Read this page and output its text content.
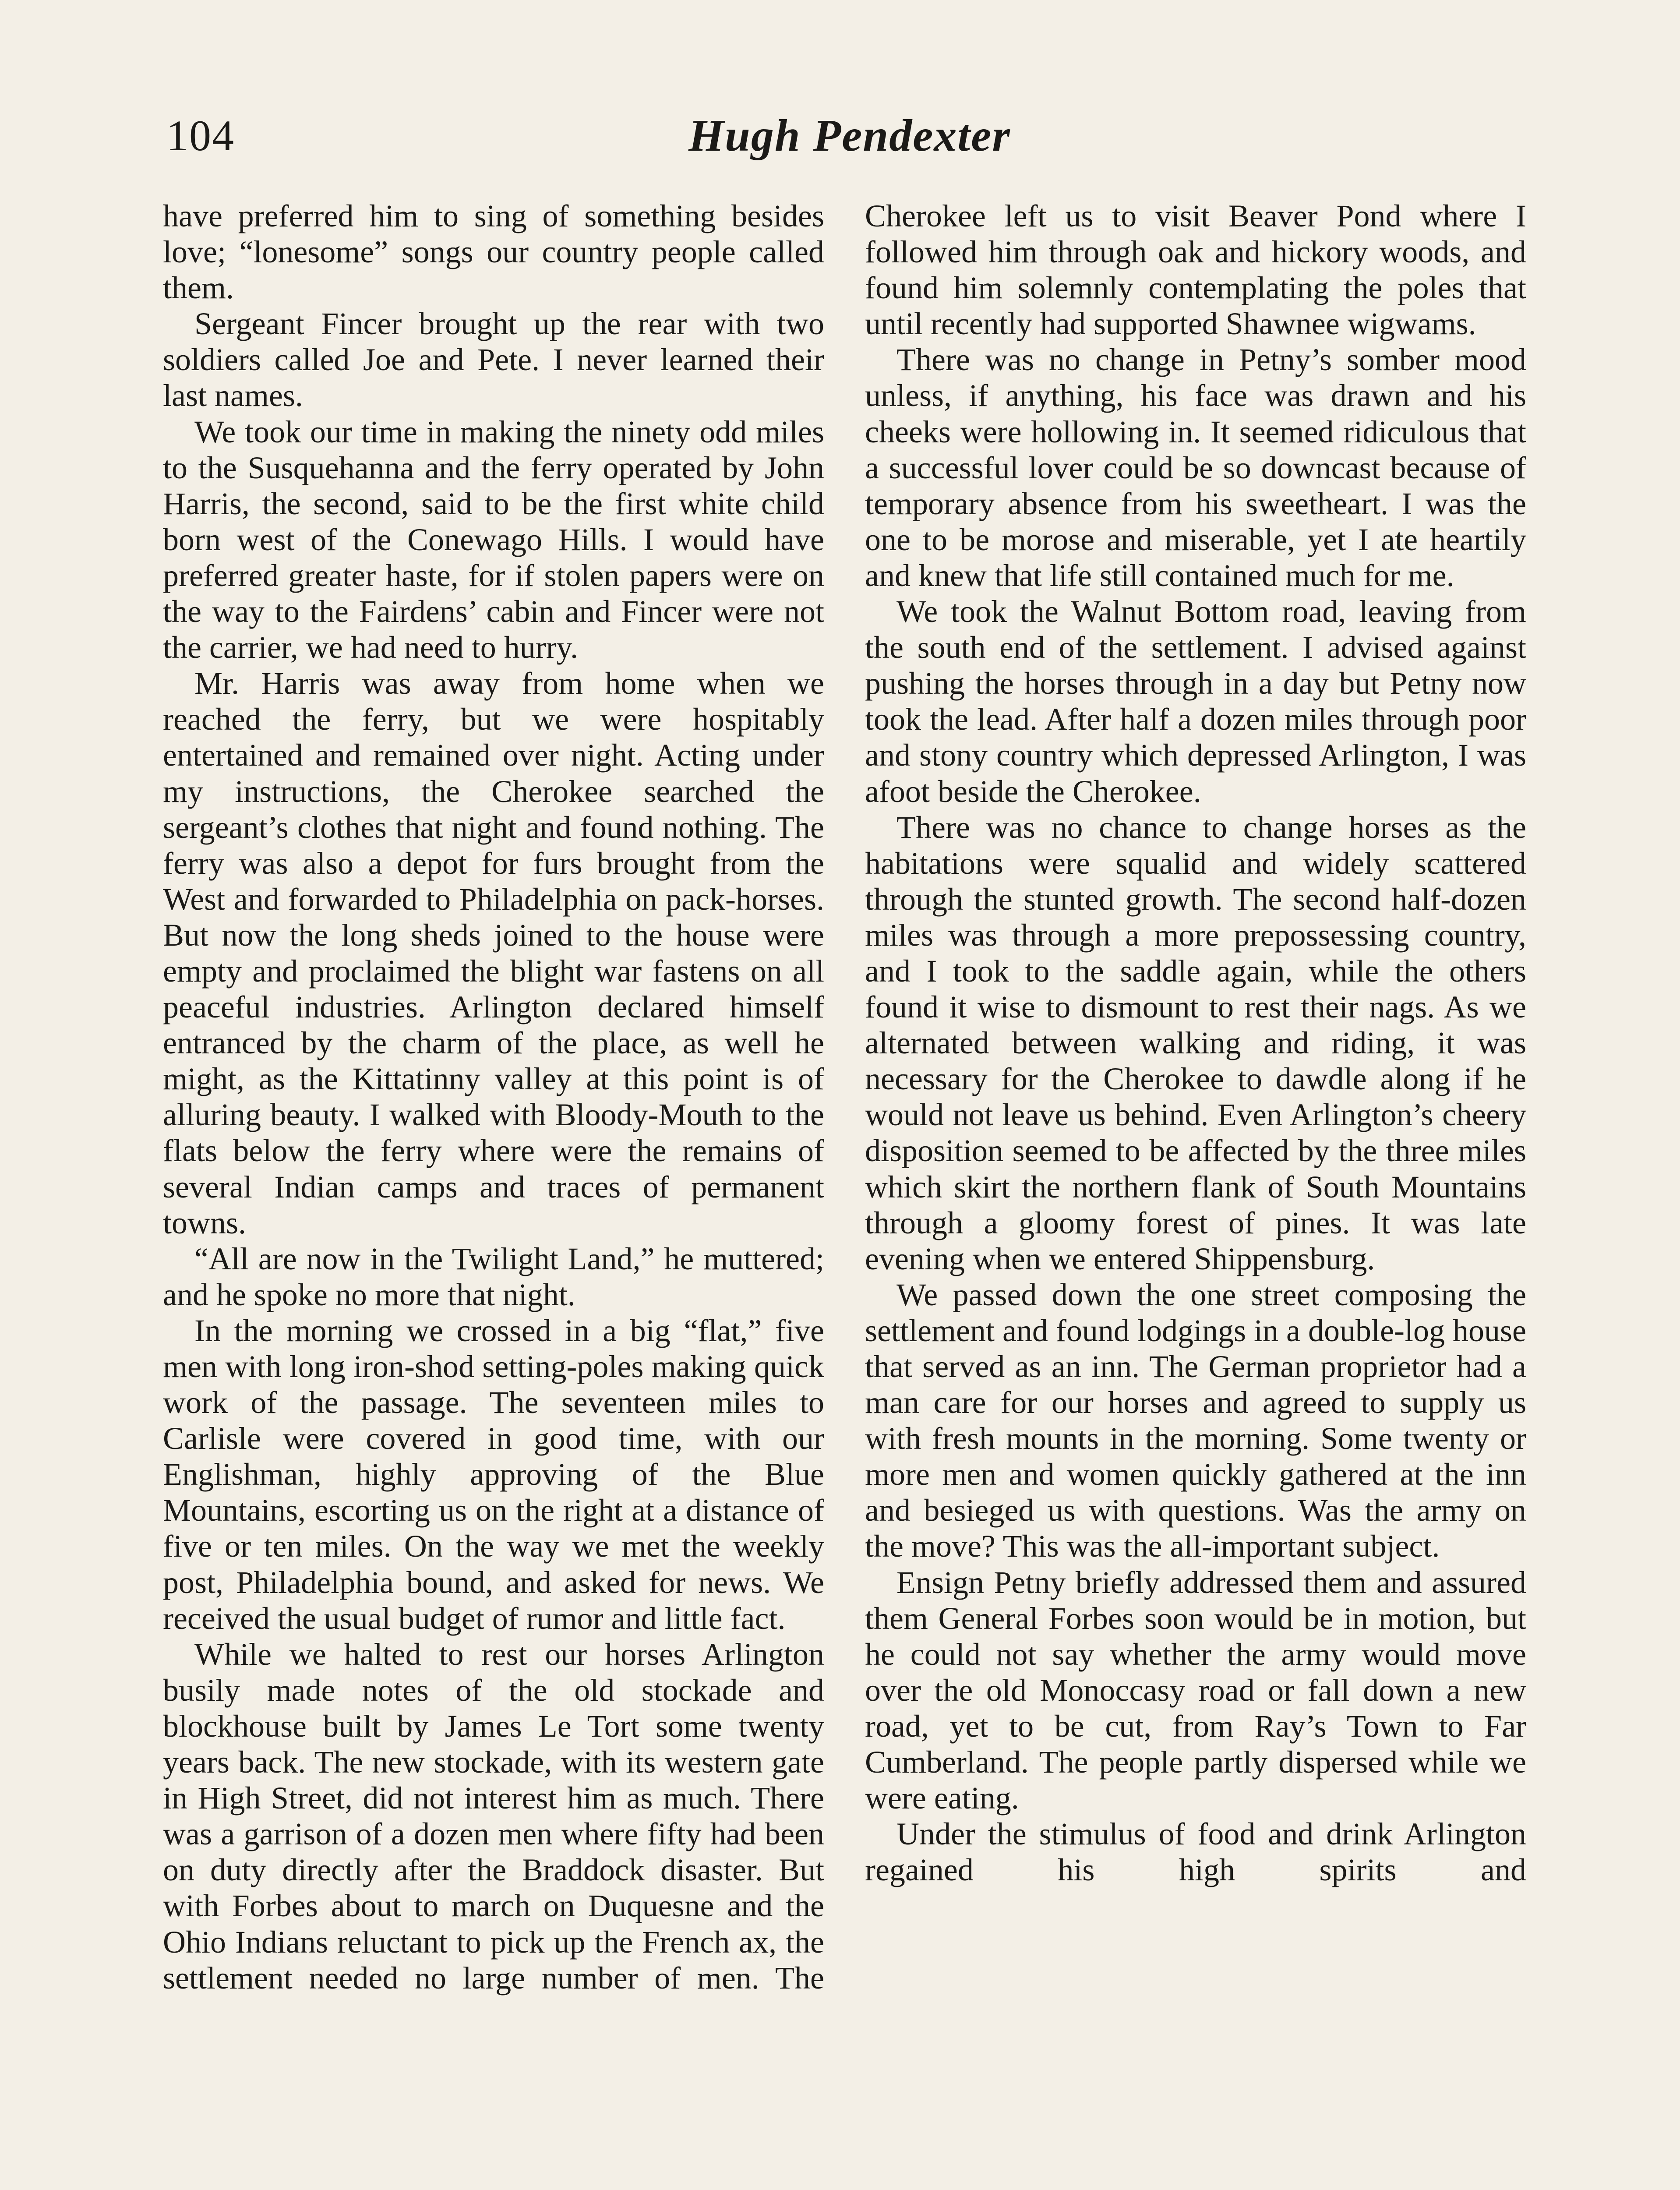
104	Hugh Pendexter

have preferred him to sing of something besides love; “lonesome” songs our country people called them.

Sergeant Fincer brought up the rear with two soldiers called Joe and Pete. I never learned their last names.

We took our time in making the ninety odd miles to the Susquehanna and the ferry operated by John Harris, the second, said to be the first white child born west of the Conewago Hills. I would have preferred greater haste, for if stolen papers were on the way to the Fairdens’ cabin and Fincer were not the carrier, we had need to hurry.

Mr. Harris was away from home when we reached the ferry, but we were hospitably entertained and remained over night. Acting under my instructions, the Cherokee searched the sergeant’s clothes that night and found nothing. The ferry was also a depot for furs brought from the West and forwarded to Philadelphia on pack-horses. But now the long sheds joined to the house were empty and proclaimed the blight war fastens on all peaceful industries. Arlington declared himself entranced by the charm of the place, as well he might, as the Kittatinny valley at this point is of alluring beauty. I walked with Bloody-Mouth to the flats below the ferry where were the remains of several Indian camps and traces of permanent towns.

“All are now in the Twilight Land,” he muttered; and he spoke no more that night.

In the morning we crossed in a big “flat,” five men with long iron-shod setting-poles making quick work of the passage. The seventeen miles to Carlisle were covered in good time, with our Englishman, highly approving of the Blue Mountains, escorting us on the right at a distance of five or ten miles. On the way we met the weekly post, Philadelphia bound, and asked for news. We received the usual budget of rumor and little fact.

While we halted to rest our horses Arlington busily made notes of the old stockade and blockhouse built by James Le Tort some twenty years back. The new stockade, with its western gate in High Street, did not interest him as much. There was a garrison of a dozen men where fifty had been on duty directly after the Braddock disaster. But with Forbes about to march on Duquesne and the Ohio Indians reluctant to pick up the French ax, the settlement needed no large number of men. The

Cherokee left us to visit Beaver Pond where I followed him through oak and hickory woods, and found him solemnly contemplating the poles that until recently had supported Shawnee wigwams.

There was no change in Petny’s somber mood unless, if anything, his face was drawn and his cheeks were hollowing in. It seemed ridiculous that a successful lover could be so downcast because of temporary absence from his sweetheart. I was the one to be morose and miserable, yet I ate heartily and knew that life still contained much for me.

We took the Walnut Bottom road, leaving from the south end of the settlement. I advised against pushing the horses through in a day but Petny now took the lead. After half a dozen miles through poor and stony country which depressed Arlington, I was afoot beside the Cherokee.

There was no chance to change horses as the habitations were squalid and widely scattered through the stunted growth. The second half-dozen miles was through a more prepossessing country, and I took to the saddle again, while the others found it wise to dismount to rest their nags. As we alternated between walking and riding, it was necessary for the Cherokee to dawdle along if he would not leave us behind. Even Arlington’s cheery disposition seemed to be affected by the three miles which skirt the northern flank of South Mountains through a gloomy forest of pines. It was late evening when we entered Shippensburg.

We passed down the one street composing the settlement and found lodgings in a double-log house that served as an inn. The German proprietor had a man care for our horses and agreed to supply us with fresh mounts in the morning. Some twenty or more men and women quickly gathered at the inn and besieged us with questions. Was the army on the move? This was the all-important subject.

Ensign Petny briefly addressed them and assured them General Forbes soon would be in motion, but he could not say whether the army would move over the old Monoccasy road or fall down a new road, yet to be cut, from Ray’s Town to Far Cumberland. The people partly dispersed while we were eating.

Under the stimulus of food and drink Arlington regained his high spirits and
